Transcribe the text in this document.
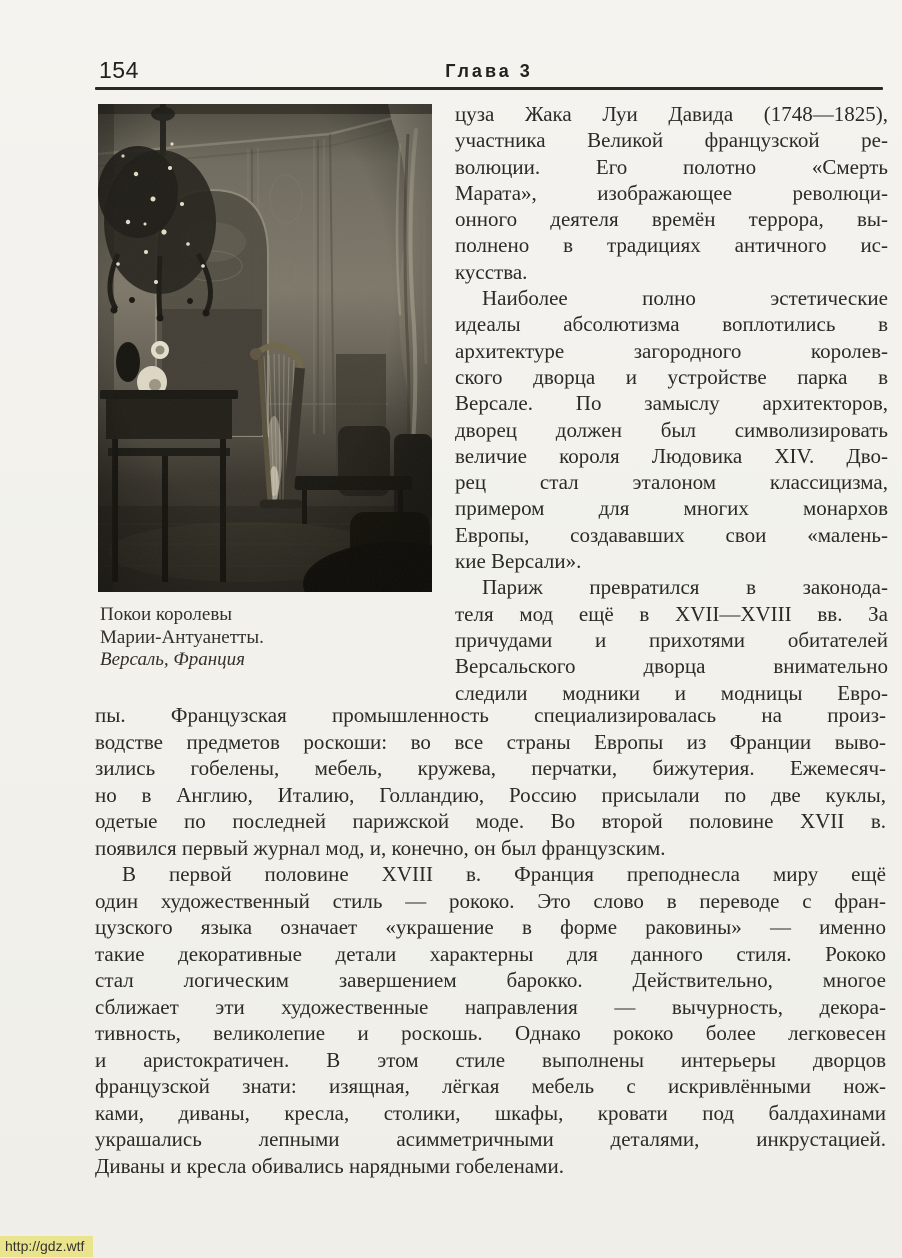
154	Глава 3
Покои королевы
Марии-Антуанетты.
Версаль, Франция
цуза Жака Луи Давида (1748—1825),
участника Великой французской ре-
волюции. Его полотно «Смерть
Марата», изображающее революци-
онного деятеля времён террора, вы-
полнено в традициях античного ис-
кусства.
Наиболее полно эстетические
идеалы абсолютизма воплотились в
архитектуре загородного королев-
ского дворца и устройстве парка в
Версале. По замыслу архитекторов,
дворец должен был символизировать
величие короля Людовика XIV. Дво-
рец стал эталоном классицизма,
примером для многих монархов
Европы, создававших свои «малень-
кие Версали».
Париж превратился в законода-
теля мод ещё в XVII—XVIII вв. За
причудами и прихотями обитателей
Версальского дворца внимательно
следили модники и модницы Евро-
пы. Французская промышленность специализировалась на произ-
водстве предметов роскоши: во все страны Европы из Франции выво-
зились гобелены, мебель, кружева, перчатки, бижутерия. Ежемесяч-
но в Англию, Италию, Голландию, Россию присылали по две куклы,
одетые по последней парижской моде. Во второй половине XVII в.
появился первый журнал мод, и, конечно, он был французским.
В первой половине XVIII в. Франция преподнесла миру ещё
один художественный стиль — рококо. Это слово в переводе с фран-
цузского языка означает «украшение в форме раковины» — именно
такие декоративные детали характерны для данного стиля. Рококо
стал логическим завершением барокко. Действительно, многое
сближает эти художественные направления — вычурность, декора-
тивность, великолепие и роскошь. Однако рококо более легковесен
и аристократичен. В этом стиле выполнены интерьеры дворцов
французской знати: изящная, лёгкая мебель с искривлёнными нож-
ками, диваны, кресла, столики, шкафы, кровати под балдахинами
украшались лепными асимметричными деталями, инкрустацией.
Диваны и кресла обивались нарядными гобеленами.
http://gdz.wtf
